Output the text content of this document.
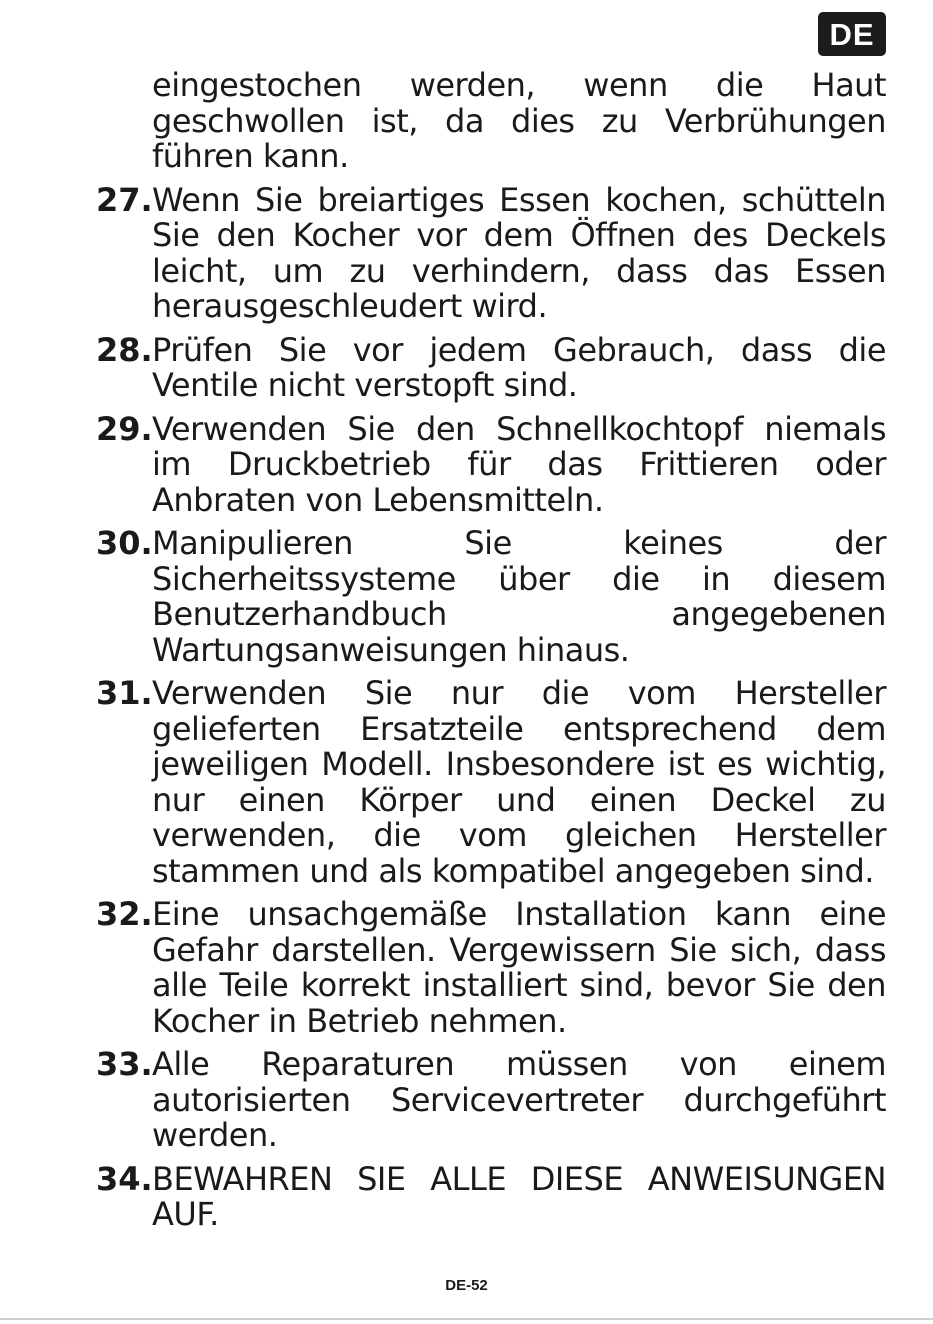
DE
eingestochen werden, wenn die Haut geschwollen ist, da dies zu Verbrühungen führen kann.
27. Wenn Sie breiartiges Essen kochen, schütteln Sie den Kocher vor dem Öffnen des Deckels leicht, um zu verhindern, dass das Essen herausgeschleudert wird.
28. Prüfen Sie vor jedem Gebrauch, dass die Ventile nicht verstopft sind.
29. Verwenden Sie den Schnellkochtopf niemals im Druckbetrieb für das Frittieren oder Anbraten von Lebensmitteln.
30. Manipulieren Sie keines der Sicherheitssysteme über die in diesem Benutzerhandbuch angegebenen Wartungsanweisungen hinaus.
31. Verwenden Sie nur die vom Hersteller gelieferten Ersatzteile entsprechend dem jeweiligen Modell. Insbesondere ist es wichtig, nur einen Körper und einen Deckel zu verwenden, die vom gleichen Hersteller stammen und als kompatibel angegeben sind.
32. Eine unsachgemäße Installation kann eine Gefahr darstellen. Vergewissern Sie sich, dass alle Teile korrekt installiert sind, bevor Sie den Kocher in Betrieb nehmen.
33. Alle Reparaturen müssen von einem autorisierten Servicevertreter durchgeführt werden.
34. BEWAHREN SIE ALLE DIESE ANWEISUNGEN AUF.
DE-52
